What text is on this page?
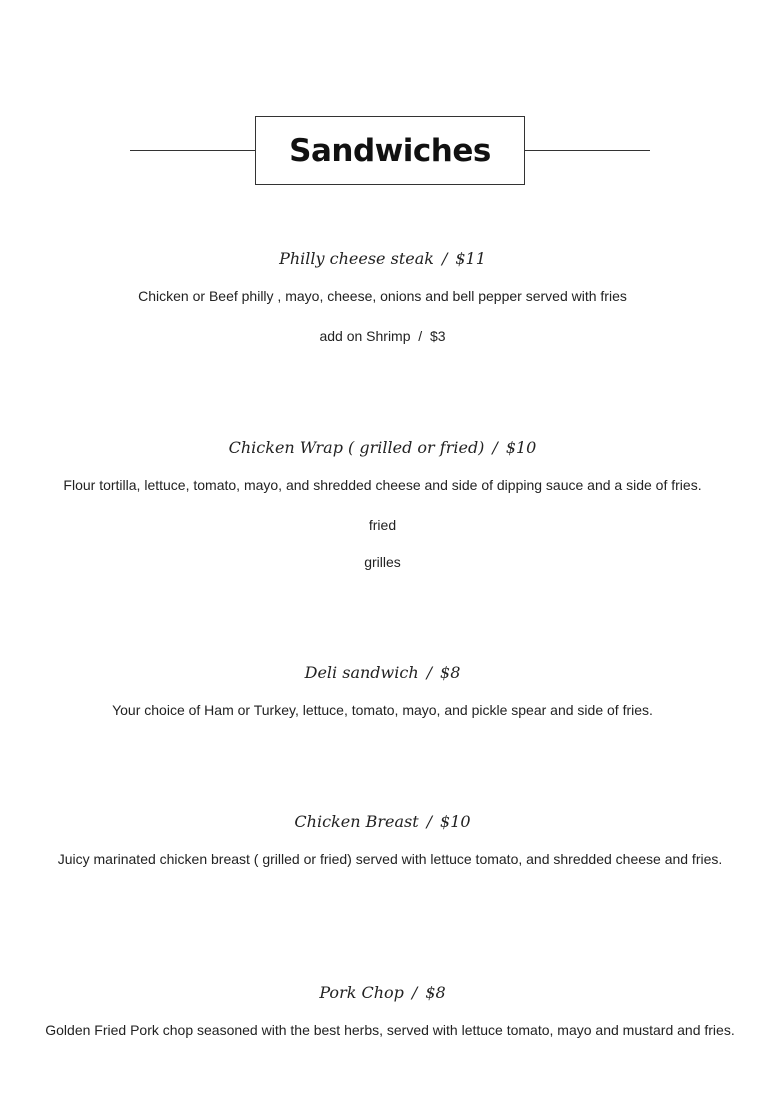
Sandwiches
Philly cheese steak / $11
Chicken or Beef philly , mayo, cheese, onions and bell pepper served with fries
add on Shrimp / $3
Chicken Wrap ( grilled or fried) / $10
Flour tortilla, lettuce, tomato, mayo, and shredded cheese and side of dipping sauce and a side of fries.
fried
grilles
Deli sandwich / $8
Your choice of Ham or Turkey, lettuce, tomato, mayo, and pickle spear and side of fries.
Chicken Breast / $10
Juicy marinated chicken breast ( grilled or fried) served with lettuce tomato, and shredded cheese and fries.
Pork Chop / $8
Golden Fried Pork chop seasoned with the best herbs, served with lettuce tomato, mayo and mustard and fries.
